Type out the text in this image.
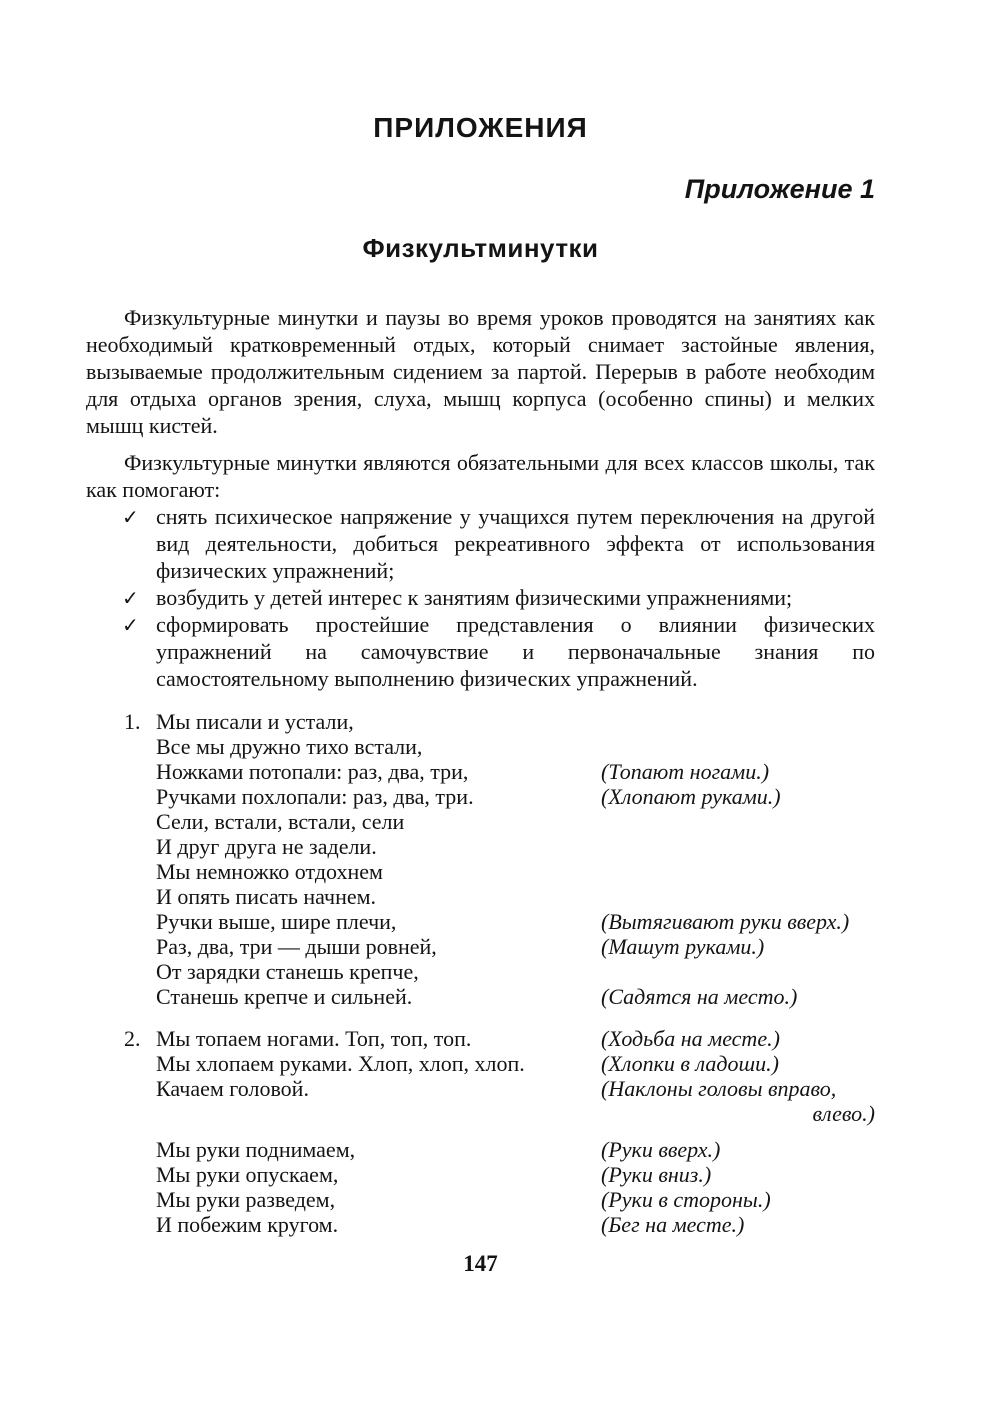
ПРИЛОЖЕНИЯ
Приложение 1
Физкультминутки

Физкультурные минутки и паузы во время уроков проводятся на занятиях как необходимый кратковременный отдых, который снимает застойные явления, вызываемые продолжительным сидением за партой. Перерыв в работе необходим для отдыха органов зрения, слуха, мышц корпуса (особенно спины) и мелких мышц кистей.

Физкультурные минутки являются обязательными для всех классов школы, так как помогают:

✓ снять психическое напряжение у учащихся путем переключения на другой вид деятельности, добиться рекреативного эффекта от использования физических упражнений;
✓ возбудить у детей интерес к занятиям физическими упражнениями;
✓ сформировать простейшие представления о влиянии физических упражнений на самочувствие и первоначальные знания по самостоятельному выполнению физических упражнений.
1. Мы писали и устали,
Все мы дружно тихо встали,
Ножками потопали: раз, два, три,	(Топают ногами.)
Ручками похлопали: раз, два, три.	(Хлопают руками.)
Сели, встали, встали, сели
И друг друга не задели.
Мы немножко отдохнем
И опять писать начнем.
Ручки выше, шире плечи,	(Вытягивают руки вверх.)
Раз, два, три — дыши ровней,	(Машут руками.)
От зарядки станешь крепче,
Станешь крепче и сильней.	(Садятся на место.)
2. Мы топаем ногами. Топ, топ, топ.	(Ходьба на месте.)
Мы хлопаем руками. Хлоп, хлоп, хлоп.	(Хлопки в ладоши.)
Качаем головой.	(Наклоны головы вправо,
влево.)
Мы руки поднимаем,	(Руки вверх.)
Мы руки опускаем,	(Руки вниз.)
Мы руки разведем,	(Руки в стороны.)
И побежим кругом.	(Бег на месте.)
147
